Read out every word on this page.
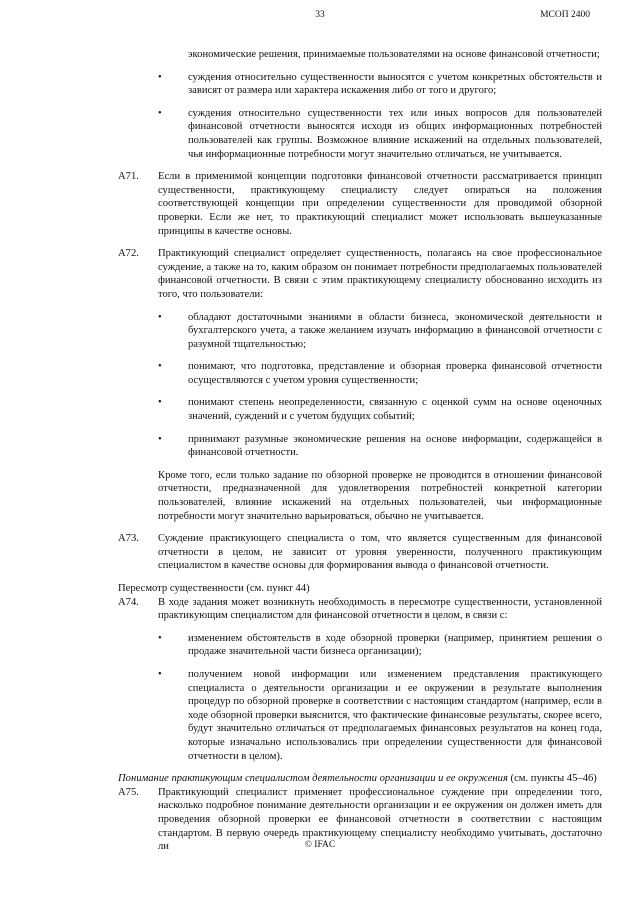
33	МСОП 2400
экономические решения, принимаемые пользователями на основе финансовой отчетности;
• суждения относительно существенности выносятся с учетом конкретных обстоятельств и зависят от размера или характера искажения либо от того и другого;
• суждения относительно существенности тех или иных вопросов для пользователей финансовой отчетности выносятся исходя из общих информационных потребностей пользователей как группы. Возможное влияние искажений на отдельных пользователей, чья информационные потребности могут значительно отличаться, не учитывается.
А71. Если в применимой концепции подготовки финансовой отчетности рассматривается принцип существенности, практикующему специалисту следует опираться на положения соответствующей концепции при определении существенности для проводимой обзорной проверки. Если же нет, то практикующий специалист может использовать вышеуказанные принципы в качестве основы.
А72. Практикующий специалист определяет существенность, полагаясь на свое профессиональное суждение, а также на то, каким образом он понимает потребности предполагаемых пользователей финансовой отчетности. В связи с этим практикующему специалисту обоснованно исходить из того, что пользователи:
• обладают достаточными знаниями в области бизнеса, экономической деятельности и бухгалтерского учета, а также желанием изучать информацию в финансовой отчетности с разумной тщательностью;
• понимают, что подготовка, представление и обзорная проверка финансовой отчетности осуществляются с учетом уровня существенности;
• понимают степень неопределенности, связанную с оценкой сумм на основе оценочных значений, суждений и с учетом будущих событий;
• принимают разумные экономические решения на основе информации, содержащейся в финансовой отчетности.
Кроме того, если только задание по обзорной проверке не проводится в отношении финансовой отчетности, предназначенной для удовлетворения потребностей конкретной категории пользователей, влияние искажений на отдельных пользователей, чьи информационные потребности могут значительно варьироваться, обычно не учитывается.
А73. Суждение практикующего специалиста о том, что является существенным для финансовой отчетности в целом, не зависит от уровня уверенности, полученного практикующим специалистом в качестве основы для формирования вывода о финансовой отчетности.

Пересмотр существенности (см. пункт 44)

А74. В ходе задания может возникнуть необходимость в пересмотре существенности, установленной практикующим специалистом для финансовой отчетности в целом, в связи с:
• изменением обстоятельств в ходе обзорной проверки (например, принятием решения о продаже значительной части бизнеса организации);
• получением новой информации или изменением представления практикующего специалиста о деятельности организации и ее окружении в результате выполнения процедур по обзорной проверке в соответствии с настоящим стандартом (например, если в ходе обзорной проверки выяснится, что фактические финансовые результаты, скорее всего, будут значительно отличаться от предполагаемых финансовых результатов на конец года, которые изначально использовались при определении существенности для финансовой отчетности в целом).

Понимание практикующим специалистом деятельности организации и ее окружения (см. пункты 45–46)

А75. Практикующий специалист применяет профессиональное суждение при определении того, насколько подробное понимание деятельности организации и ее окружения он должен иметь для проведения обзорной проверки ее финансовой отчетности в соответствии с настоящим стандартом. В первую очередь практикующему специалисту необходимо учитывать, достаточно ли	© IFAC
